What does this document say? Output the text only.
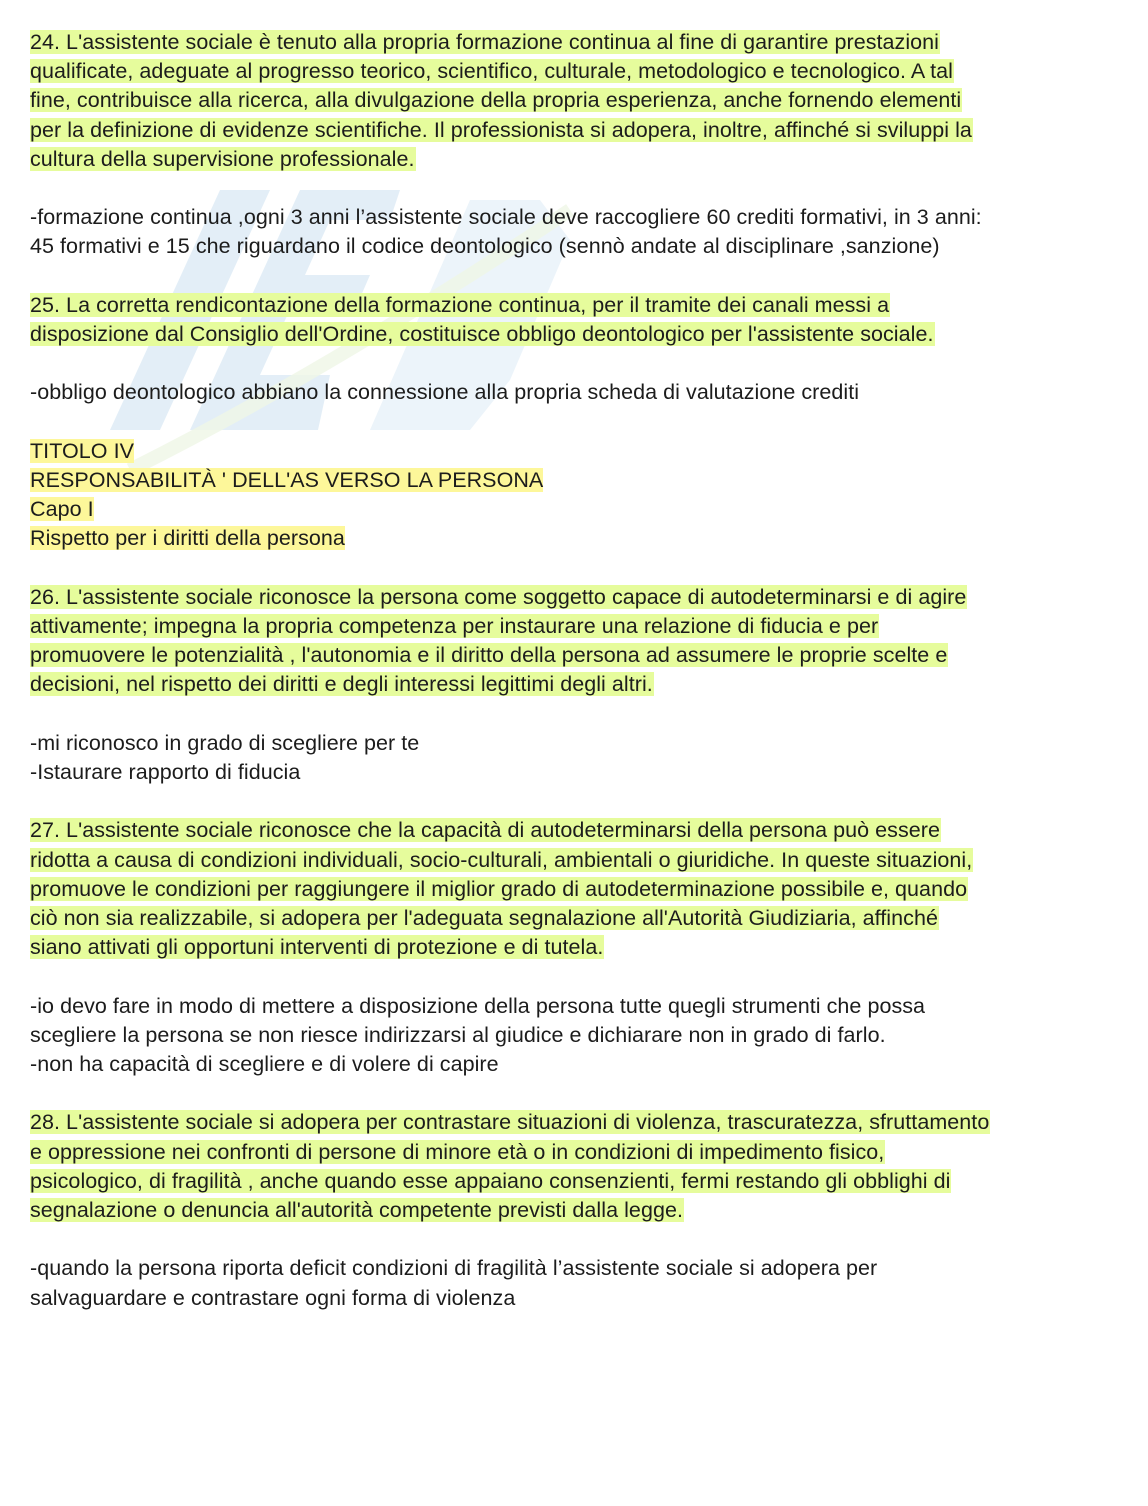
24. L'assistente sociale è tenuto alla propria formazione continua al fine di garantire prestazioni
qualificate, adeguate al progresso teorico, scientifico, culturale, metodologico e tecnologico. A tal
fine, contribuisce alla ricerca, alla divulgazione della propria esperienza, anche fornendo elementi
per la definizione di evidenze scientifiche. Il professionista si adopera, inoltre, affinché si sviluppi la
cultura della supervisione professionale.
-formazione continua ,ogni 3 anni l’assistente sociale deve raccogliere 60 crediti formativi, in 3 anni:
45 formativi e 15 che riguardano il codice deontologico (sennò andate al disciplinare ,sanzione)
25. La corretta rendicontazione della formazione continua, per il tramite dei canali messi a
disposizione dal Consiglio dell'Ordine, costituisce obbligo deontologico per l'assistente sociale.
-obbligo deontologico abbiano la connessione alla propria scheda di valutazione crediti
TITOLO IV
RESPONSABILITÀ ' DELL'AS VERSO LA PERSONA
Capo I
Rispetto per i diritti della persona
26. L'assistente sociale riconosce la persona come soggetto capace di autodeterminarsi e di agire
attivamente; impegna la propria competenza per instaurare una relazione di fiducia e per
promuovere le potenzialità , l'autonomia e il diritto della persona ad assumere le proprie scelte e
decisioni, nel rispetto dei diritti e degli interessi legittimi degli altri.
-mi riconosco in grado di scegliere per te
-Istaurare rapporto di fiducia
27. L'assistente sociale riconosce che la capacità di autodeterminarsi della persona può essere
ridotta a causa di condizioni individuali, socio-culturali, ambientali o giuridiche. In queste situazioni,
promuove le condizioni per raggiungere il miglior grado di autodeterminazione possibile e, quando
ciò non sia realizzabile, si adopera per l'adeguata segnalazione all'Autorità Giudiziaria, affinché
siano attivati gli opportuni interventi di protezione e di tutela.
-io devo fare in modo di mettere a disposizione della persona tutte quegli strumenti che possa
scegliere la persona se non riesce indirizzarsi al giudice e dichiarare non in grado di farlo.
-non ha capacità di scegliere e di volere di capire
28. L'assistente sociale si adopera per contrastare situazioni di violenza, trascuratezza, sfruttamento
e oppressione nei confronti di persone di minore età o in condizioni di impedimento fisico,
psicologico, di fragilità , anche quando esse appaiano consenzienti, fermi restando gli obblighi di
segnalazione o denuncia all'autorità competente previsti dalla legge.
-quando la persona riporta deficit condizioni di fragilità l’assistente sociale si adopera per
salvaguardare e contrastare ogni forma di violenza
